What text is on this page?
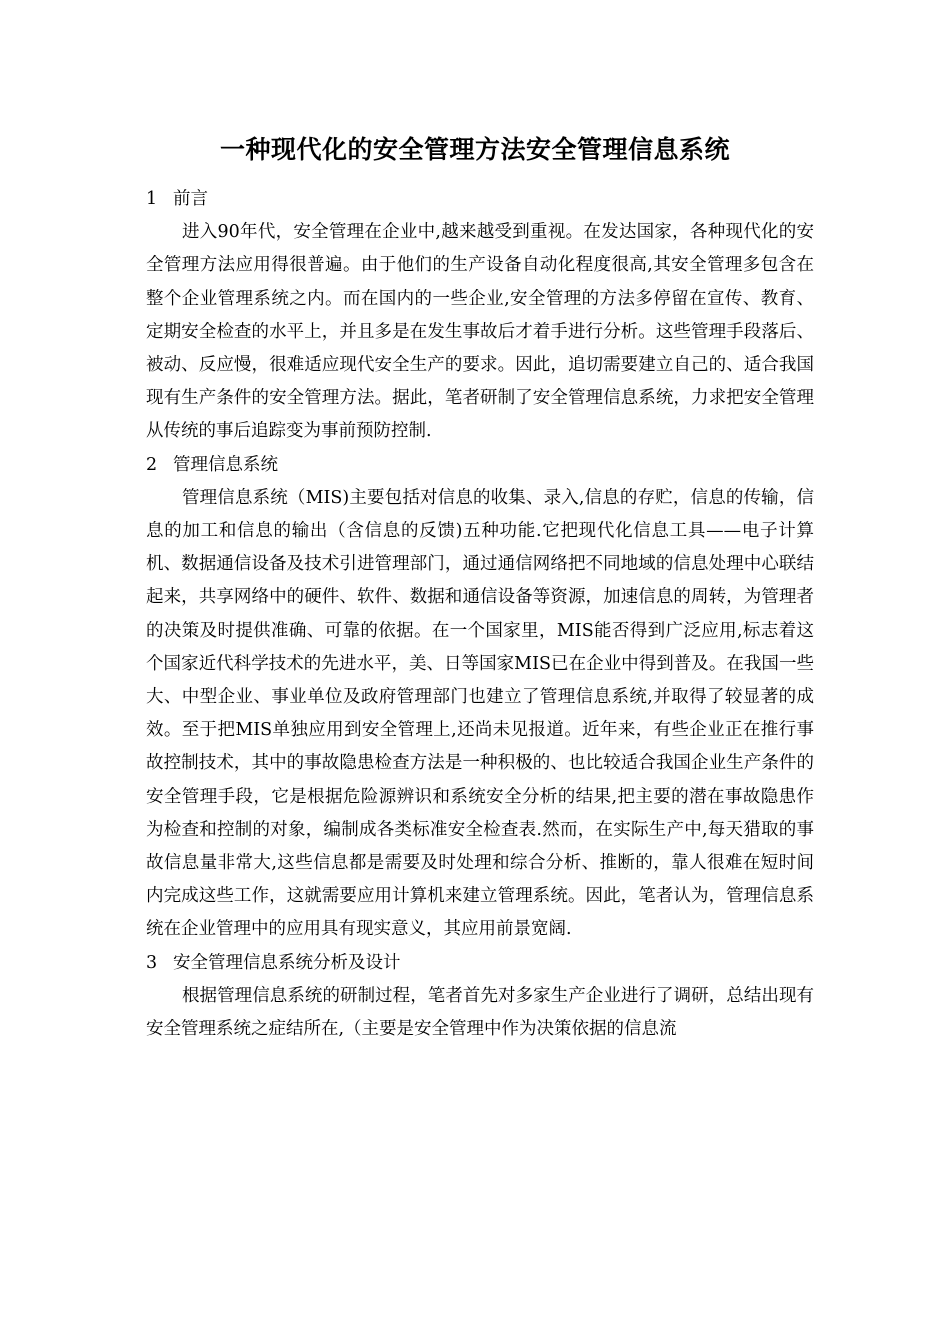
一种现代化的安全管理方法安全管理信息系统

1 前言

进入90年代，安全管理在企业中,越来越受到重视。在发达国家，各种现代化的安全管理方法应用得很普遍。由于他们的生产设备自动化程度很高,其安全管理多包含在整个企业管理系统之内。而在国内的一些企业,安全管理的方法多停留在宣传、教育、定期安全检查的水平上，并且多是在发生事故后才着手进行分析。这些管理手段落后、被动、反应慢，很难适应现代安全生产的要求。因此，追切需要建立自己的、适合我国现有生产条件的安全管理方法。据此，笔者研制了安全管理信息系统，力求把安全管理从传统的事后追踪变为事前预防控制.

2 管理信息系统

管理信息系统（MIS)主要包括对信息的收集、录入,信息的存贮，信息的传输，信息的加工和信息的输出（含信息的反馈)五种功能.它把现代化信息工具——电子计算机、数据通信设备及技术引进管理部门，通过通信网络把不同地域的信息处理中心联结起来，共享网络中的硬件、软件、数据和通信设备等资源，加速信息的周转，为管理者的决策及时提供准确、可靠的依据。在一个国家里，MIS能否得到广泛应用,标志着这个国家近代科学技术的先进水平，美、日等国家MIS已在企业中得到普及。在我国一些大、中型企业、事业单位及政府管理部门也建立了管理信息系统,并取得了较显著的成效。至于把MIS单独应用到安全管理上,还尚未见报道。近年来，有些企业正在推行事故控制技术，其中的事故隐患检查方法是一种积极的、也比较适合我国企业生产条件的安全管理手段，它是根据危险源辨识和系统安全分析的结果,把主要的潜在事故隐患作为检查和控制的对象，编制成各类标准安全检查表.然而，在实际生产中,每天猎取的事故信息量非常大,这些信息都是需要及时处理和综合分析、推断的，靠人很难在短时间内完成这些工作，这就需要应用计算机来建立管理系统。因此，笔者认为，管理信息系统在企业管理中的应用具有现实意义，其应用前景宽阔.

3 安全管理信息系统分析及设计

根据管理信息系统的研制过程，笔者首先对多家生产企业进行了调研，总结出现有安全管理系统之症结所在,（主要是安全管理中作为决策依据的信息流
